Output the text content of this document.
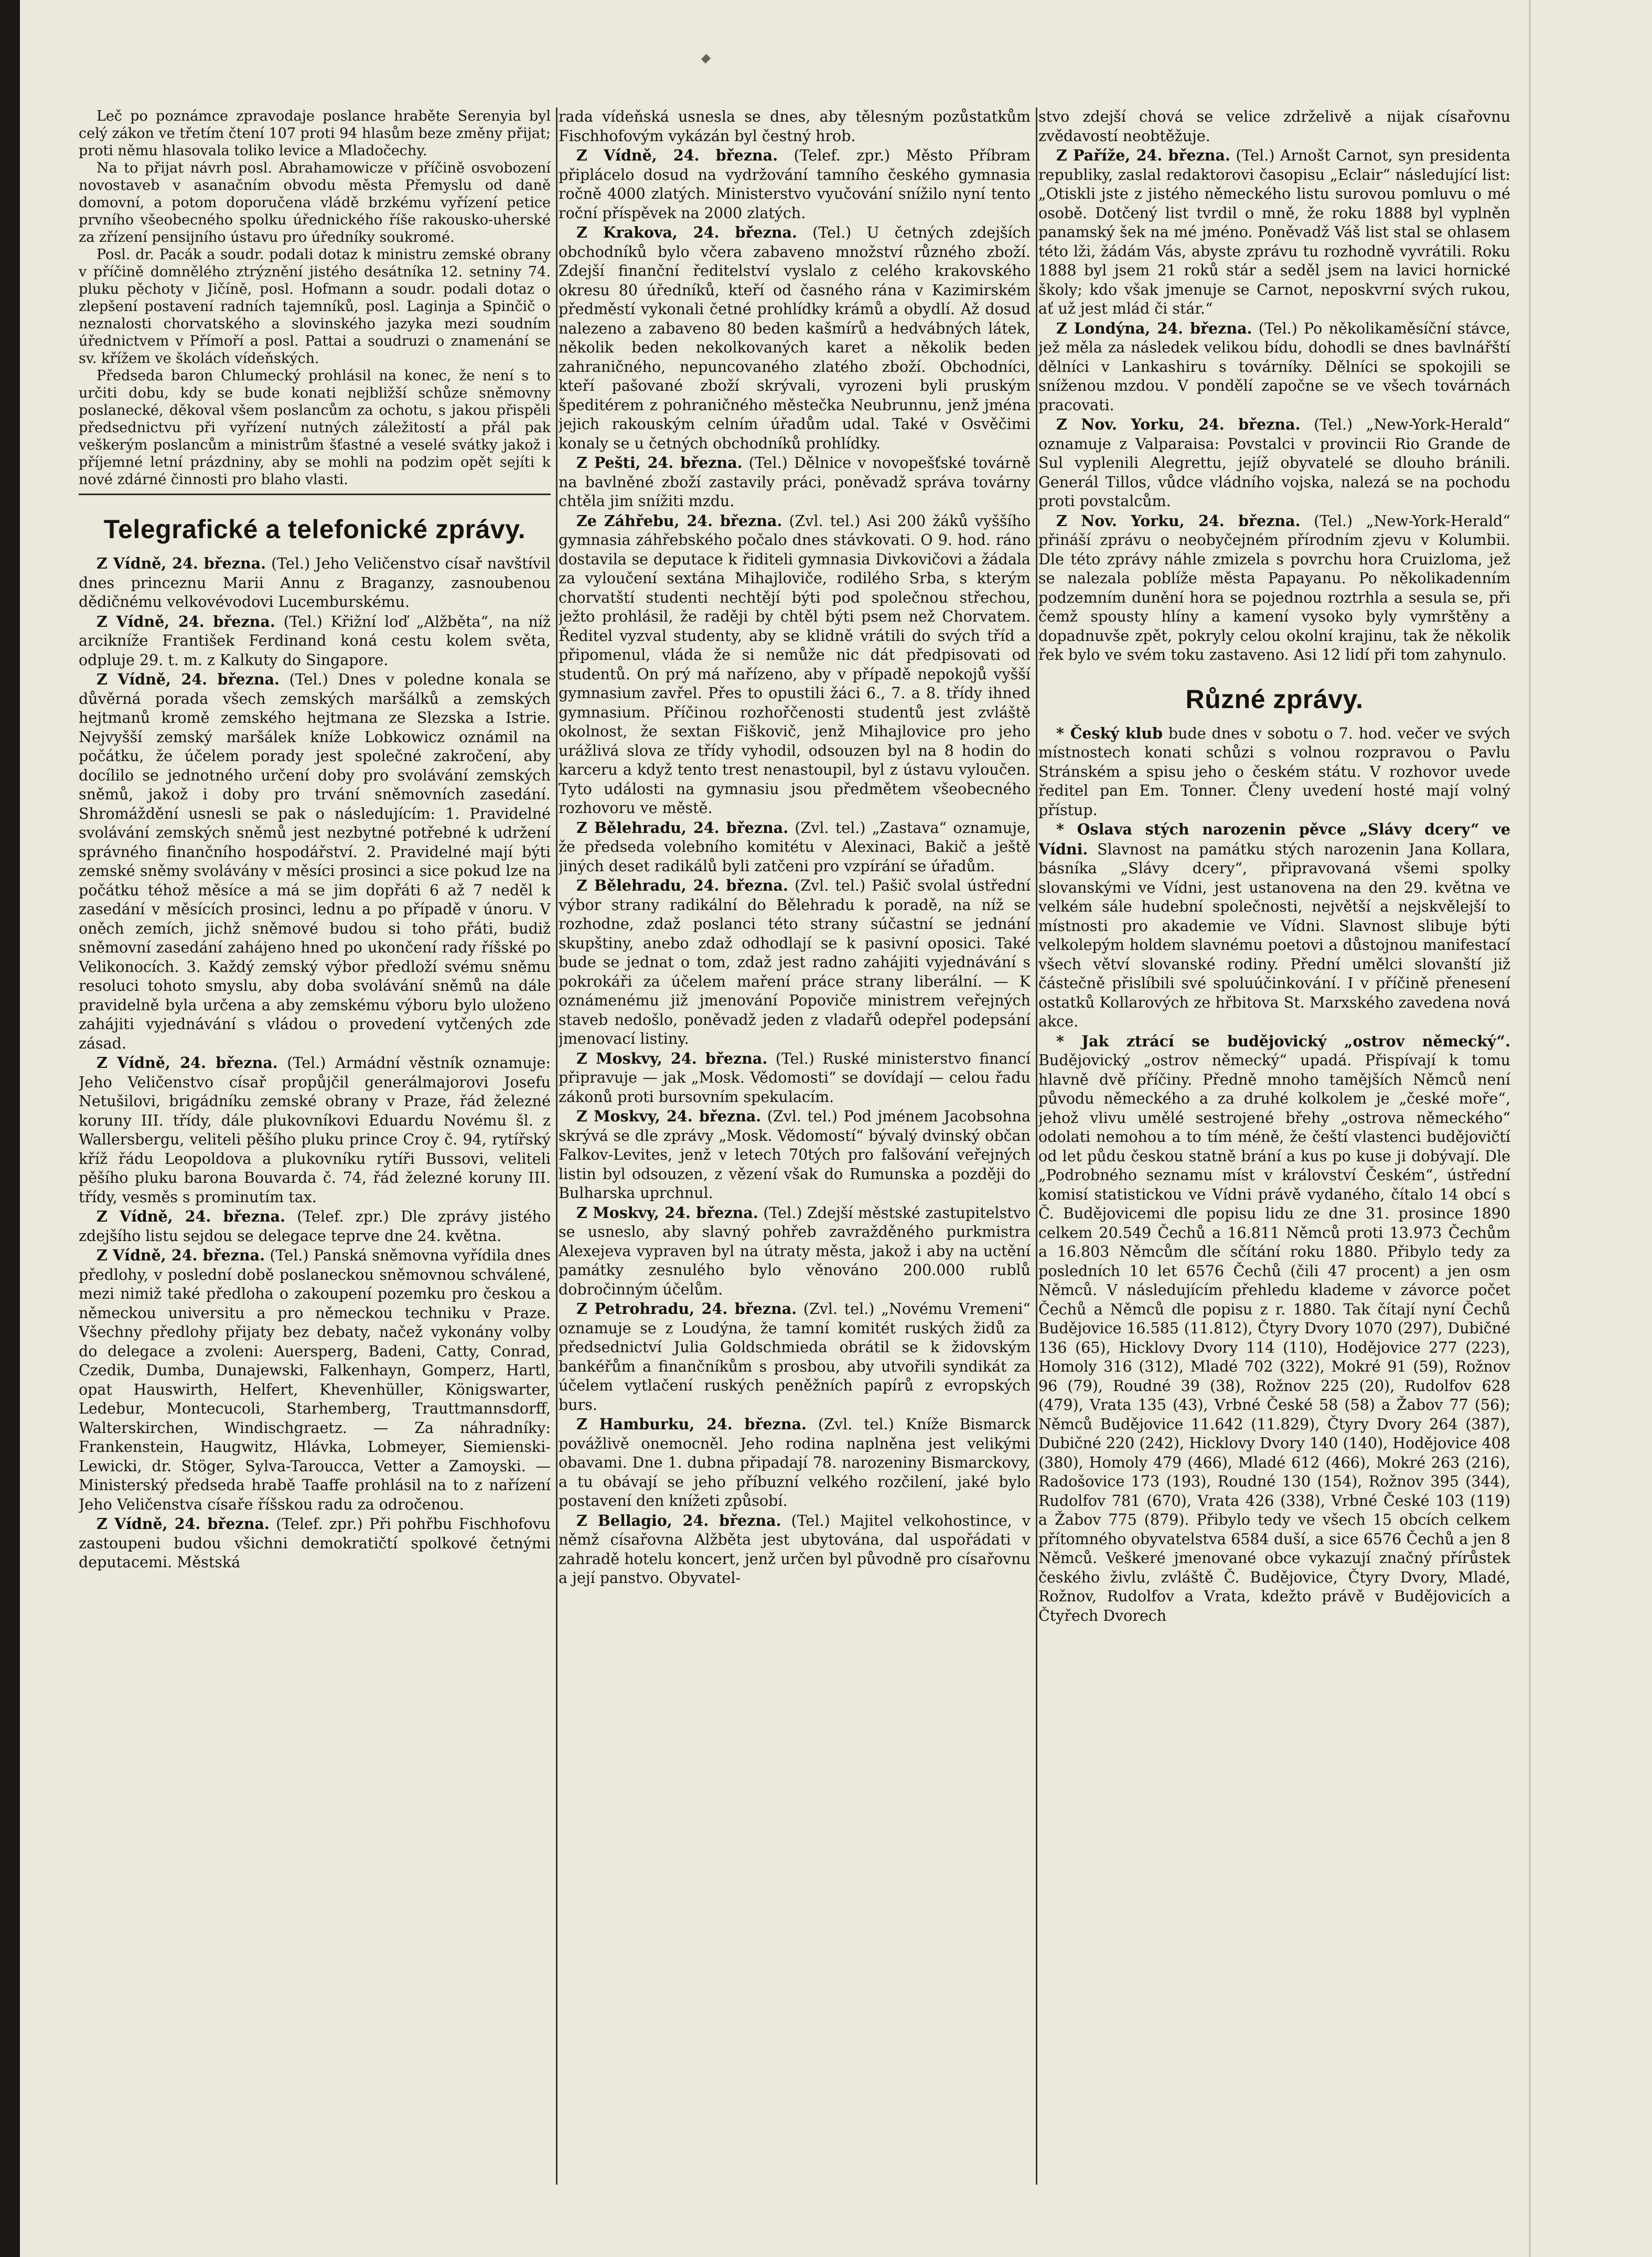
Leč po poznámce zpravodaje poslance hraběte Serenyia byl celý zákon ve třetím čtení 107 proti 94 hlasům beze změny přijat; proti němu hlasovala toliko levice a Mladočechy.

Na to přijat návrh posl. Abrahamowicze v příčině osvobození novostaveb v asanačním obvodu města Přemyslu od daně domovní, a potom doporučena vládě brzkému vyřízení petice prvního všeobecného spolku úřednického říše rakousko-uherské za zřízení pensijního ústavu pro úředníky soukromé.

Posl. dr. Pacák a soudr. podali dotaz k ministru zemské obrany v příčině domnělého ztrýznění jistého desátníka 12. setniny 74. pluku pěchoty v Jičíně, posl. Hofmann a soudr. podali dotaz o zlepšení postavení radních tajemníků, posl. Laginja a Spinčič o neznalosti chorvatského a slovinského jazyka mezi soudním úřednictvem v Přímoří a posl. Pattai a soudruzi o znamenání se sv. křížem ve školách vídeňských.

Předseda baron Chlumecký prohlásil na konec, že není s to určiti dobu, kdy se bude konati nejbližší schůze sněmovny poslanecké, děkoval všem poslancům za ochotu, s jakou přispěli předsednictvu při vyřízení nutných záležitostí a přál pak veškerým poslancům a ministrům šťastné a veselé svátky jakož i příjemné letní prázdniny, aby se mohli na podzim opět sejíti k nové zdárné činnosti pro blaho vlasti.

Telegrafické a telefonické zprávy.

Z Vídně, 24. března. (Tel.) Jeho Veličenstvo císař navštívil dnes princeznu Marii Annu z Braganzy, zasnoubenou dědičnému velkovévodovi Lucemburskému.

Z Vídně, 24. března. (Tel.) Křižní loď „Alžběta“, na níž arcikníže František Ferdinand koná cestu kolem světa, odpluje 29. t. m. z Kalkuty do Singapore.

Z Vídně, 24. března. (Tel.) Dnes v poledne konala se důvěrná porada všech zemských maršálků a zemských hejtmanů kromě zemského hejtmana ze Slezska a Istrie. Nejvyšší zemský maršálek kníže Lobkowicz oznámil na počátku, že účelem porady jest společné zakročení, aby docílilo se jednotného určení doby pro svolávání zemských sněmů, jakož i doby pro trvání sněmovních zasedání. Shromáždění usnesli se pak o následujícím: 1. Pravidelné svolávání zemských sněmů jest nezbytné potřebné k udržení správného finančního hospodářství. 2. Pravidelné mají býti zemské sněmy svolávány v měsíci prosinci a sice pokud lze na počátku téhož měsíce a má se jim dopřáti 6 až 7 neděl k zasedání v měsících prosinci, lednu a po případě v únoru. V oněch zemích, jichž sněmové budou si toho přáti, budiž sněmovní zasedání zahájeno hned po ukončení rady říšské po Velikonocích. 3. Každý zemský výbor předloží svému sněmu resoluci tohoto smyslu, aby doba svolávání sněmů na dále pravidelně byla určena a aby zemskému výboru bylo uloženo zahájiti vyjednávání s vládou o provedení vytčených zde zásad.

Z Vídně, 24. března. (Tel.) Armádní věstník oznamuje: Jeho Veličenstvo císař propůjčil generálmajorovi Josefu Netušilovi, brigádníku zemské obrany v Praze, řád železné koruny III. třídy, dále plukovníkovi Eduardu Novému šl. z Wallersbergu, veliteli pěšího pluku prince Croy č. 94, rytířský kříž řádu Leopoldova a plukovníku rytíři Bussovi, veliteli pěšího pluku barona Bouvarda č. 74, řád železné koruny III. třídy, vesměs s prominutím tax.

Z Vídně, 24. března. (Telef. zpr.) Dle zprávy jistého zdejšího listu sejdou se delegace teprve dne 24. května.

Z Vídně, 24. března. (Tel.) Panská sněmovna vyřídila dnes předlohy, v poslední době poslaneckou sněmovnou schválené, mezi nimiž také předloha o zakoupení pozemku pro českou a německou universitu a pro německou techniku v Praze. Všechny předlohy přijaty bez debaty, načež vykonány volby do delegace a zvoleni: Auersperg, Badeni, Catty, Conrad, Czedik, Dumba, Dunajewski, Falkenhayn, Gomperz, Hartl, opat Hauswirth, Helfert, Khevenhüller, Königswarter, Ledebur, Montecucoli, Starhemberg, Trauttmannsdorff, Walterskirchen, Windischgraetz. — Za náhradníky: Frankenstein, Haugwitz, Hlávka, Lobmeyer, Siemienski-Lewicki, dr. Stöger, Sylva-Taroucca, Vetter a Zamoyski. — Ministerský předseda hrabě Taaffe prohlásil na to z nařízení Jeho Veličenstva císaře říšskou radu za odročenou.

Z Vídně, 24. března. (Telef. zpr.) Při pohřbu Fischhofovu zastoupeni budou všichni demokratičtí spolkové četnými deputacemi. Městská

rada vídeňská usnesla se dnes, aby tělesným pozůstatkům Fischhofovým vykázán byl čestný hrob.

Z Vídně, 24. března. (Telef. zpr.) Město Příbram připlácelo dosud na vydržování tamního českého gymnasia ročně 4000 zlatých. Ministerstvo vyučování snížilo nyní tento roční příspěvek na 2000 zlatých.

Z Krakova, 24. března. (Tel.) U četných zdejších obchodníků bylo včera zabaveno množství různého zboží. Zdejší finanční ředitelství vyslalo z celého krakovského okresu 80 úředníků, kteří od časného rána v Kazimirském předměstí vykonali četné prohlídky krámů a obydlí. Až dosud nalezeno a zabaveno 80 beden kašmírů a hedvábných látek, několik beden nekolkovaných karet a několik beden zahraničného, nepuncovaného zlatého zboží. Obchodníci, kteří pašované zboží skrývali, vyrozeni byli pruským špeditérem z pohraničného městečka Neubrunnu, jenž jména jejich rakouským celním úřadům udal. Také v Osvěčimi konaly se u četných obchodníků prohlídky.

Z Pešti, 24. března. (Tel.) Dělnice v novopešťské továrně na bavlněné zboží zastavily práci, poněvadž správa továrny chtěla jim snížiti mzdu.

Ze Záhřebu, 24. března. (Zvl. tel.) Asi 200 žáků vyššího gymnasia záhřebského počalo dnes stávkovati. O 9. hod. ráno dostavila se deputace k řiditeli gymnasia Divkovičovi a žádala za vyloučení sextána Mihajloviče, rodilého Srba, s kterým chorvatští studenti nechtějí býti pod společnou střechou, ježto prohlásil, že raději by chtěl býti psem než Chorvatem. Ředitel vyzval studenty, aby se klidně vrátili do svých tříd a připomenul, vláda že si nemůže nic dát předpisovati od studentů. On prý má nařízeno, aby v případě nepokojů vyšší gymnasium zavřel. Přes to opustili žáci 6., 7. a 8. třídy ihned gymnasium. Příčinou rozhořčenosti studentů jest zvláště okolnost, že sextan Fiškovič, jenž Mihajlovice pro jeho urážlivá slova ze třídy vyhodil, odsouzen byl na 8 hodin do karceru a když tento trest nenastoupil, byl z ústavu vyloučen. Tyto události na gymnasiu jsou předmětem všeobecného rozhovoru ve městě.

Z Bělehradu, 24. března. (Zvl. tel.) „Zastava“ oznamuje, že předseda volebního komitétu v Alexinaci, Bakič a ještě jiných deset radikálů byli zatčeni pro vzpírání se úřadům.

Z Bělehradu, 24. března. (Zvl. tel.) Pašič svolal ústřední výbor strany radikální do Bělehradu k poradě, na níž se rozhodne, zdaž poslanci této strany súčastní se jednání skupštiny, anebo zdaž odhodlají se k pasivní oposici. Také bude se jednat o tom, zdaž jest radno zahájiti vyjednávání s pokrokáři za účelem maření práce strany liberální. — K oznámenému již jmenování Popoviče ministrem veřejných staveb nedošlo, poněvadž jeden z vladařů odepřel podepsání jmenovací listiny.

Z Moskvy, 24. března. (Tel.) Ruské ministerstvo financí připravuje — jak „Mosk. Vědomosti“ se dovídají — celou řadu zákonů proti bursovním spekulacím.

Z Moskvy, 24. března. (Zvl. tel.) Pod jménem Jacobsohna skrývá se dle zprávy „Mosk. Vědomostí“ bývalý dvinský občan Falkov-Levites, jenž v letech 70tých pro falšování veřejných listin byl odsouzen, z vězení však do Rumunska a později do Bulharska uprchnul.

Z Moskvy, 24. března. (Tel.) Zdejší městské zastupitelstvo se usneslo, aby slavný pohřeb zavražděného purkmistra Alexejeva vypraven byl na útraty města, jakož i aby na uctění památky zesnulého bylo věnováno 200.000 rublů dobročinným účelům.

Z Petrohradu, 24. března. (Zvl. tel.) „Novému Vremeni“ oznamuje se z Loudýna, že tamní komitét ruských židů za předsednictví Julia Goldschmieda obrátil se k židovským bankéřům a finančníkům s prosbou, aby utvořili syndikát za účelem vytlačení ruských peněžních papírů z evropských burs.

Z Hamburku, 24. března. (Zvl. tel.) Kníže Bismarck povážlivě onemocněl. Jeho rodina naplněna jest velikými obavami. Dne 1. dubna připadají 78. narozeniny Bismarckovy, a tu obávají se jeho příbuzní velkého rozčilení, jaké bylo postavení den knížeti způsobí.

Z Bellagio, 24. března. (Tel.) Majitel velkohostince, v němž císařovna Alžběta jest ubytována, dal uspořádati v zahradě hotelu koncert, jenž určen byl původně pro císařovnu a její panstvo. Obyvatel-

stvo zdejší chová se velice zdrželivě a nijak císařovnu zvědavostí neobtěžuje.

Z Paříže, 24. března. (Tel.) Arnošt Carnot, syn presidenta republiky, zaslal redaktorovi časopisu „Eclair“ následující list: „Otiskli jste z jistého německého listu surovou pomluvu o mé osobě. Dotčený list tvrdil o mně, že roku 1888 byl vyplněn panamský šek na mé jméno. Poněvadž Váš list stal se ohlasem této lži, žádám Vás, abyste zprávu tu rozhodně vyvrátili. Roku 1888 byl jsem 21 roků stár a seděl jsem na lavici hornické školy; kdo však jmenuje se Carnot, neposkvrní svých rukou, ať už jest mlád či stár.“

Z Londýna, 24. března. (Tel.) Po několikaměsíční stávce, jež měla za následek velikou bídu, dohodli se dnes bavlnářští dělníci v Lankashiru s továrníky. Dělníci se spokojili se sníženou mzdou. V pondělí započne se ve všech továrnách pracovati.

Z Nov. Yorku, 24. března. (Tel.) „New-York-Herald“ oznamuje z Valparaisa: Povstalci v provincii Rio Grande de Sul vyplenili Alegrettu, jejíž obyvatelé se dlouho bránili. Generál Tillos, vůdce vládního vojska, nalezá se na pochodu proti povstalcům.

Z Nov. Yorku, 24. března. (Tel.) „New-York-Herald“ přináší zprávu o neobyčejném přírodním zjevu v Kolumbii. Dle této zprávy náhle zmizela s povrchu hora Cruizloma, jež se nalezala poblíže města Papayanu. Po několikadenním podzemním dunění hora se pojednou roztrhla a sesula se, při čemž spousty hlíny a kamení vysoko byly vymrštěny a dopadnuvše zpět, pokryly celou okolní krajinu, tak že několik řek bylo ve svém toku zastaveno. Asi 12 lidí při tom zahynulo.

Různé zprávy.

* Český klub bude dnes v sobotu o 7. hod. večer ve svých místnostech konati schůzi s volnou rozpravou o Pavlu Stránském a spisu jeho o českém státu. V rozhovor uvede ředitel pan Em. Tonner. Členy uvedení hosté mají volný přístup.

* Oslava stých narozenin pěvce „Slávy dcery“ ve Vídni. Slavnost na památku stých narozenin Jana Kollara, básníka „Slávy dcery“, připravovaná všemi spolky slovanskými ve Vídni, jest ustanovena na den 29. května ve velkém sále hudební společnosti, největší a nejskvělejší to místnosti pro akademie ve Vídni. Slavnost slibuje býti velkolepým holdem slavnému poetovi a důstojnou manifestací všech větví slovanské rodiny. Přední umělci slovanští již částečně přislíbili své spoluúčinkování. I v příčině přenesení ostatků Kollarových ze hřbitova St. Marxského zavedena nová akce.

* Jak ztrácí se budějovický „ostrov německý“. Budějovický „ostrov německý“ upadá. Přispívají k tomu hlavně dvě příčiny. Předně mnoho tamějších Němců není původu německého a za druhé kolkolem je „české moře“, jehož vlivu umělé sestrojené břehy „ostrova německého“ odolati nemohou a to tím méně, že čeští vlastenci budějovičtí od let půdu českou statně brání a kus po kuse ji dobývají. Dle „Podrobného seznamu míst v království Českém“, ústřední komisí statistickou ve Vídni právě vydaného, čítalo 14 obcí s Č. Budějovicemi dle popisu lidu ze dne 31. prosince 1890 celkem 20.549 Čechů a 16.811 Němců proti 13.973 Čechům a 16.803 Němcům dle sčítání roku 1880. Přibylo tedy za posledních 10 let 6576 Čechů (čili 47 procent) a jen osm Němců. V následujícím přehledu klademe v závorce počet Čechů a Němců dle popisu z r. 1880. Tak čítají nyní Čechů Budějovice 16.585 (11.812), Čtyry Dvory 1070 (297), Dubičné 136 (65), Hicklovy Dvory 114 (110), Hodějovice 277 (223), Homoly 316 (312), Mladé 702 (322), Mokré 91 (59), Rožnov 96 (79), Roudné 39 (38), Rožnov 225 (20), Rudolfov 628 (479), Vrata 135 (43), Vrbné České 58 (58) a Žabov 77 (56); Němců Budějovice 11.642 (11.829), Čtyry Dvory 264 (387), Dubičné 220 (242), Hicklovy Dvory 140 (140), Hodějovice 408 (380), Homoly 479 (466), Mladé 612 (466), Mokré 263 (216), Radošovice 173 (193), Roudné 130 (154), Rožnov 395 (344), Rudolfov 781 (670), Vrata 426 (338), Vrbné České 103 (119) a Žabov 775 (879). Přibylo tedy ve všech 15 obcích celkem přítomného obyvatelstva 6584 duší, a sice 6576 Čechů a jen 8 Němců. Veškeré jmenované obce vykazují značný přírůstek českého živlu, zvláště Č. Budějovice, Čtyry Dvory, Mladé, Rožnov, Rudolfov a Vrata, kdežto právě v Budějovicích a Čtyřech Dvorech
